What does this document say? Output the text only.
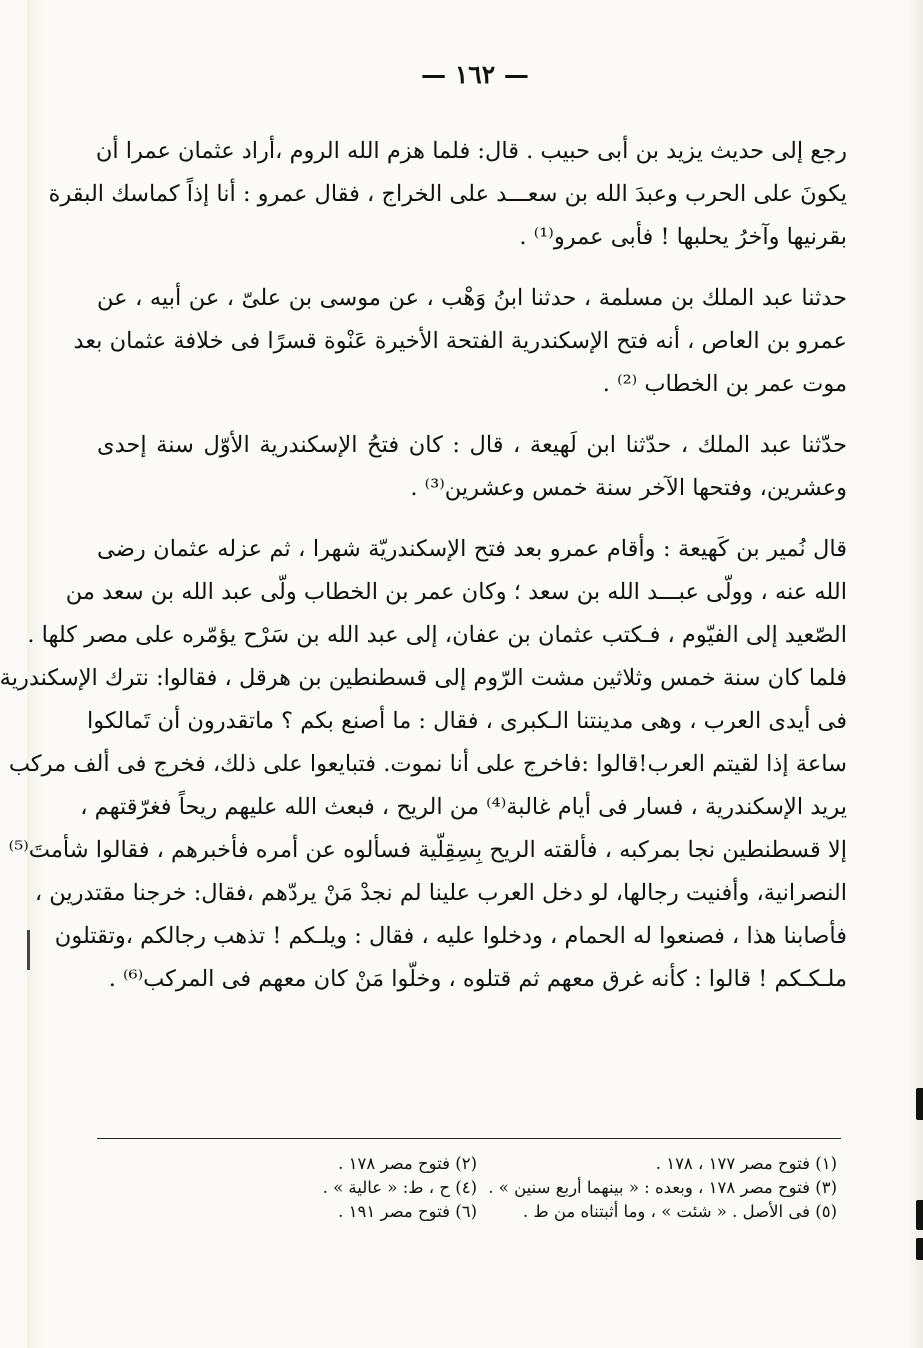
— ١٦٢ —
رجع إلى حديث يزيد بن أبى حبيب . قال: فلما هزم الله الروم ،أراد عثمان عمرا أن
يكونَ على الحرب وعبدَ الله بن سعـــد على الخراج ، فقال عمرو : أنا إذاً كماسك البقرة
بقرنيها وآخرُ يحلبها ! فأبى عمرو⁽¹⁾ .
حدثنا عبد الملك بن مسلمة ، حدثنا ابنُ وَهْب ، عن موسى بن علىّ ، عن أبيه ، عن
عمرو بن العاص ، أنه فتح الإسكندرية الفتحة الأخيرة عَنْوة قسرًا فى خلافة عثمان بعد
موت عمر بن الخطاب ⁽²⁾ .
حدّثنا عبد الملك ، حدّثنا ابن لَهيعة ، قال : كان فتحُ الإسكندرية الأوّل سنة إحدى
وعشرين، وفتحها الآخر سنة خمس وعشرين⁽³⁾ .
قال نُمير بن كَهيعة : وأقام عمرو بعد فتح الإسكندريّة شهرا ، ثم عزله عثمان رضى
الله عنه ، وولّى عبـــد الله بن سعد ؛ وكان عمر بن الخطاب ولّى عبد الله بن سعد من
الصّعيد إلى الفيّوم ، فـكتب عثمان بن عفان، إلى عبد الله بن سَرْح يؤمّره على مصر كلها .
فلما كان سنة خمس وثلاثين مشت الرّوم إلى قسطنطين بن هرقل ، فقالوا: نترك الإسكندرية
فى أيدى العرب ، وهى مدينتنا الـكبرى ، فقال : ما أصنع بكم ؟ ماتقدرون أن تَمالكوا
ساعة إذا لقيتم العرب!قالوا :فاخرج على أنا نموت. فتبايعوا على ذلك، فخرج فى ألف مركب
يريد الإسكندرية ، فسار فى أيام غالبة⁽⁴⁾ من الريح ، فبعث الله عليهم ريحاً فغرّقتهم ،
إلا قسطنطين نجا بمركبه ، فألقته الريح بِسِقِلّية فسألوه عن أمره فأخبرهم ، فقالوا شأمتَ⁽⁵⁾
النصرانية، وأفنيت رجالها، لو دخل العرب علينا لم نجدْ مَنْ يردّهم ،فقال: خرجنا مقتدرين ،
فأصابنا هذا ، فصنعوا له الحمام ، ودخلوا عليه ، فقال : ويلـكم ! تذهب رجالكم ،وتقتلون
ملـكـكم ! قالوا : كأنه غرق معهم ثم قتلوه ، وخلّوا مَنْ كان معهم فى المركب⁽⁶⁾ .
(١) فتوح مصر ١٧٧ ، ١٧٨ .
(٢) فتوح مصر ١٧٨ .
(٣) فتوح مصر ١٧٨ ، وبعده : « بينهما أربع سنين » .
(٤) ح ، ط: « عالية » .
(٥) فى الأصل . « شئت » ، وما أثبتناه من ط .
(٦) فتوح مصر ١٩١ .
